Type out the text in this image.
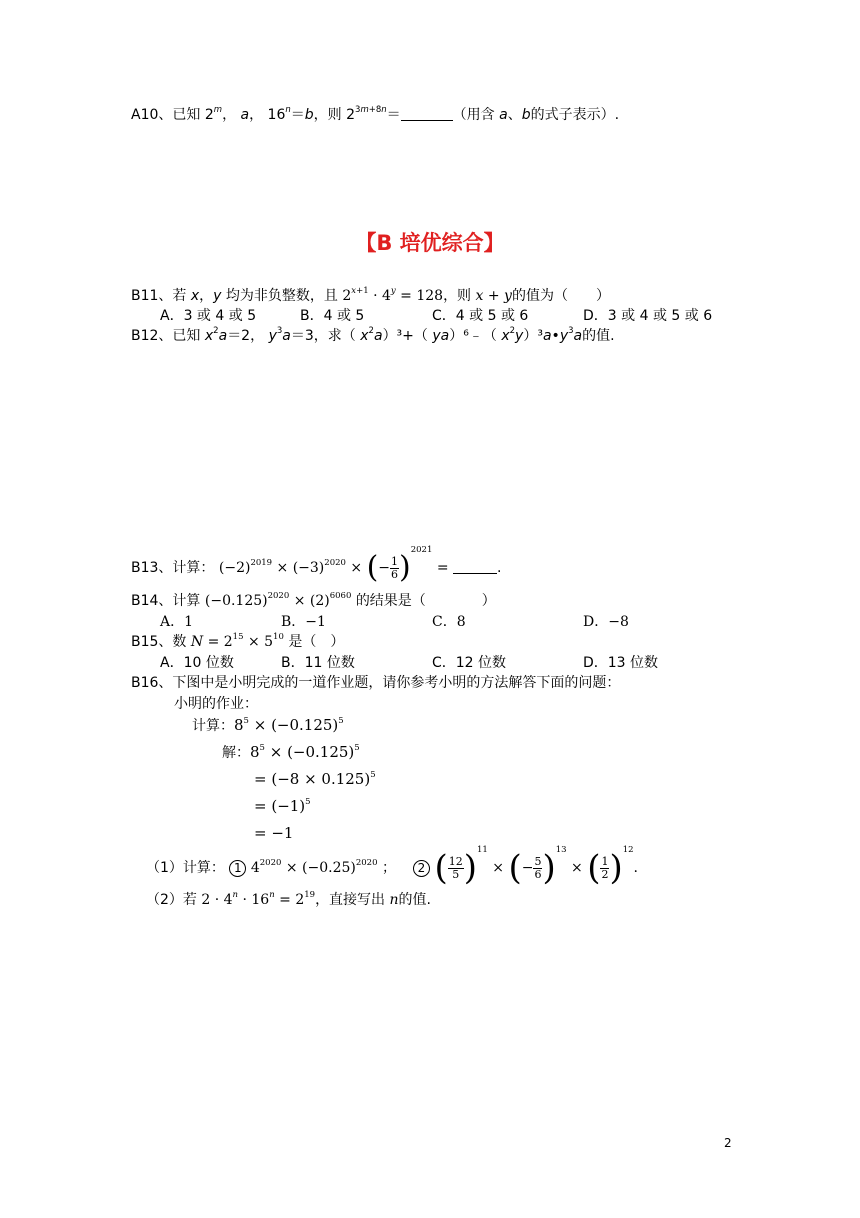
A10、已知 2$^m$， a， $16^n=b$，则 $2^{3m+8n}=$	（用含 a、b的式子表示）.
【B 培优综合】
B11、若 x，y 均为非负整数，且 $2^{x+1} \cdot 4^y = 128$，则 x + y的值为（　　）
A．3 或 4 或 5	B．4 或 5	C．4 或 5 或 6	D．3 或 4 或 5 或 6
B12、已知 $x^2a=2$， $y^3a=3$，求（ $x^2a)^3+$（ ya）⁶﹣（ $x^2y)^3a•y^3a$的值.
B13、计算： $(-2)^{2019} \times (-3)^{2020}$ × (− $\frac{1}{6} )^{2021}$ =	.
B14、计算 $(-0.125)^{2020} \times (2)^{6060}$ 的结果是（　　　　）
A．1	B．−1	C．8	D．−8
B15、数 $N = 2^{15} \times 5^{10}$ 是（　）
A．10 位数	B．11 位数	C．12 位数	D．13 位数
B16、下图中是小明完成的一道作业题，请你参考小明的方法解答下面的问题：
小明的作业：
计算：$8^5 \times (-0.125)^5$
解：$8^5 \times (-0.125)^5$
= $(-8 \times 0.125)^5$
= $(-1)^5$
= −1
（1）计算： 1 $4^{2020} \times (-0.25)^{2020}$ ；	2 ( $\frac{12}{5} )^{11}$ × (− $\frac{5}{6} )^{13}$ × ( $\frac{1}{2} )^{12}$.
（2）若 $2 \cdot 4^n \cdot 16^n = 2^{19}$，直接写出 n的值.
2
